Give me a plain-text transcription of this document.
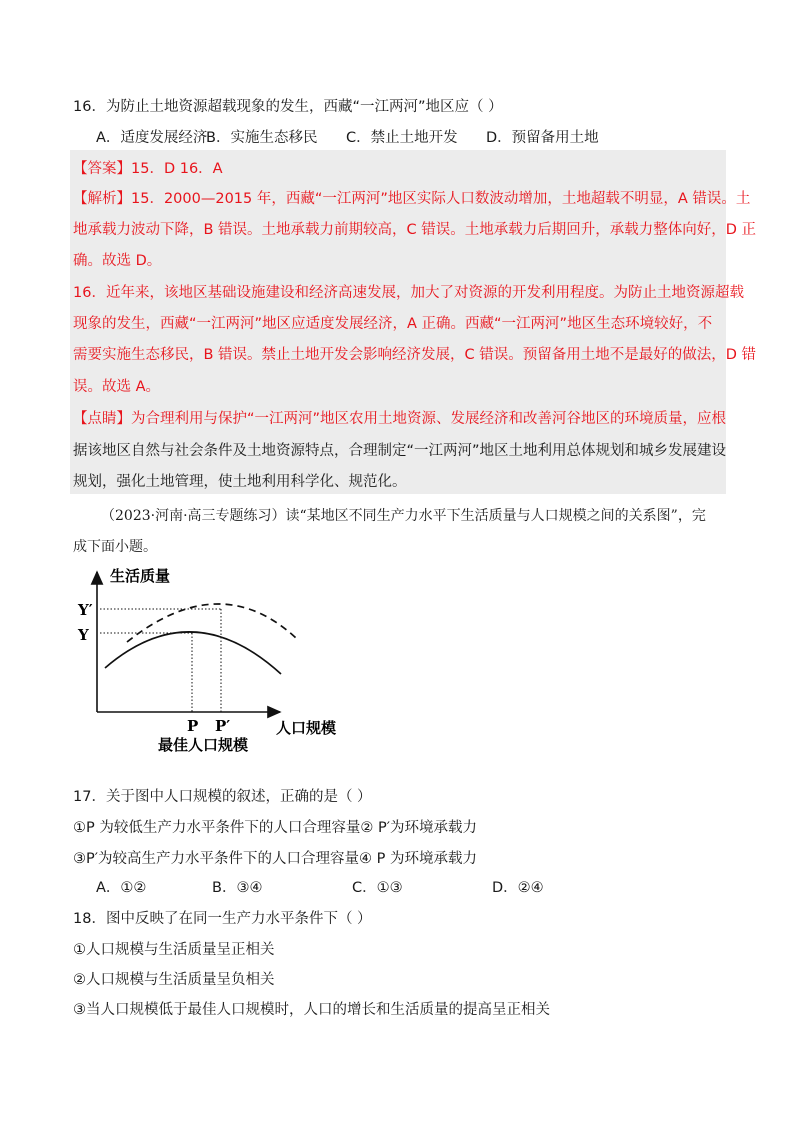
16．为防止土地资源超载现象的发生，西藏“一江两河”地区应（ ）
A．适度发展经济B．实施生态移民 C．禁止土地开发 D．预留备用土地
【答案】15．D 16．A
【解析】15．2000—2015 年，西藏“一江两河”地区实际人口数波动增加，土地超载不明显，A 错误。土
地承载力波动下降，B 错误。土地承载力前期较高，C 错误。土地承载力后期回升，承载力整体向好，D 正
确。故选 D。
16．近年来，该地区基础设施建设和经济高速发展，加大了对资源的开发利用程度。为防止土地资源超载
现象的发生，西藏“一江两河”地区应适度发展经济，A 正确。西藏“一江两河”地区生态环境较好，不
需要实施生态移民，B 错误。禁止土地开发会影响经济发展，C 错误。预留备用土地不是最好的做法，D 错
误。故选 A。
【点睛】为合理利用与保护“一江两河”地区农用土地资源、发展经济和改善河谷地区的环境质量，应根
据该地区自然与社会条件及土地资源特点，合理制定“一江两河”地区土地利用总体规划和城乡发展建设
规划，强化土地管理，使土地利用科学化、规范化。
（2023·河南·高三专题练习）读“某地区不同生产力水平下生活质量与人口规模之间的关系图”，完
成下面小题。
生活质量
人口规模
Y
Y′
P P′
最佳人口规模
17．关于图中人口规模的叙述，正确的是（ ）
①P 为较低生产力水平条件下的人口合理容量② P′为环境承载力
③P′为较高生产力水平条件下的人口合理容量④ P 为环境承载力
A．①②	B．③④	C．①③	D．②④
18．图中反映了在同一生产力水平条件下（ ）
①人口规模与生活质量呈正相关
②人口规模与生活质量呈负相关
③当人口规模低于最佳人口规模时，人口的增长和生活质量的提高呈正相关
